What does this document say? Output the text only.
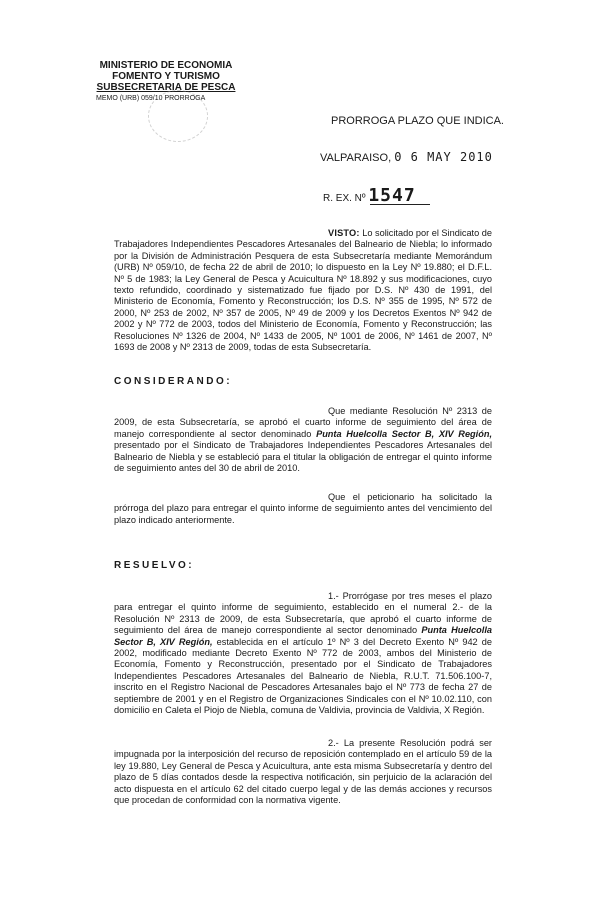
MINISTERIO DE ECONOMIA
FOMENTO Y TURISMO
SUBSECRETARIA DE PESCA
MEMO (URB) 059/10 PRORROGA
PRORROGA PLAZO QUE INDICA.
VALPARAISO, 0 6 MAY 2010
R. EX. Nº 1547
VISTO: Lo solicitado por el Sindicato de Trabajadores Independientes Pescadores Artesanales del Balneario de Niebla; lo informado por la División de Administración Pesquera de esta Subsecretaría mediante Memorándum (URB) Nº 059/10, de fecha 22 de abril de 2010; lo dispuesto en la Ley Nº 19.880; el D.F.L. Nº 5 de 1983; la Ley General de Pesca y Acuicultura Nº 18.892 y sus modificaciones, cuyo texto refundido, coordinado y sistematizado fue fijado por D.S. Nº 430 de 1991, del Ministerio de Economía, Fomento y Reconstrucción; los D.S. Nº 355 de 1995, Nº 572 de 2000, Nº 253 de 2002, Nº 357 de 2005, Nº 49 de 2009 y los Decretos Exentos Nº 942 de 2002 y Nº 772 de 2003, todos del Ministerio de Economía, Fomento y Reconstrucción; las Resoluciones Nº 1326 de 2004, Nº 1433 de 2005, Nº 1001 de 2006, Nº 1461 de 2007, Nº 1693 de 2008 y Nº 2313 de 2009, todas de esta Subsecretaría.
CONSIDERANDO:
Que mediante Resolución Nº 2313 de 2009, de esta Subsecretaría, se aprobó el cuarto informe de seguimiento del área de manejo correspondiente al sector denominado Punta Huelcolla Sector B, XIV Región, presentado por el Sindicato de Trabajadores Independientes Pescadores Artesanales del Balneario de Niebla y se estableció para el titular la obligación de entregar el quinto informe de seguimiento antes del 30 de abril de 2010.
Que el peticionario ha solicitado la prórroga del plazo para entregar el quinto informe de seguimiento antes del vencimiento del plazo indicado anteriormente.
RESUELVO:
1.- Prorrógase por tres meses el plazo para entregar el quinto informe de seguimiento, establecido en el numeral 2.- de la Resolución Nº 2313 de 2009, de esta Subsecretaría, que aprobó el cuarto informe de seguimiento del área de manejo correspondiente al sector denominado Punta Huelcolla Sector B, XIV Región, establecida en el artículo 1º Nº 3 del Decreto Exento Nº 942 de 2002, modificado mediante Decreto Exento Nº 772 de 2003, ambos del Ministerio de Economía, Fomento y Reconstrucción, presentado por el Sindicato de Trabajadores Independientes Pescadores Artesanales del Balneario de Niebla, R.U.T. 71.506.100-7, inscrito en el Registro Nacional de Pescadores Artesanales bajo el Nº 773 de fecha 27 de septiembre de 2001 y en el Registro de Organizaciones Sindicales con el Nº 10.02.110, con domicilio en Caleta el Piojo de Niebla, comuna de Valdivia, provincia de Valdivia, X Región.
2.- La presente Resolución podrá ser impugnada por la interposición del recurso de reposición contemplado en el artículo 59 de la ley 19.880, Ley General de Pesca y Acuicultura, ante esta misma Subsecretaría y dentro del plazo de 5 días contados desde la respectiva notificación, sin perjuicio de la aclaración del acto dispuesta en el artículo 62 del citado cuerpo legal y de las demás acciones y recursos que procedan de conformidad con la normativa vigente.
